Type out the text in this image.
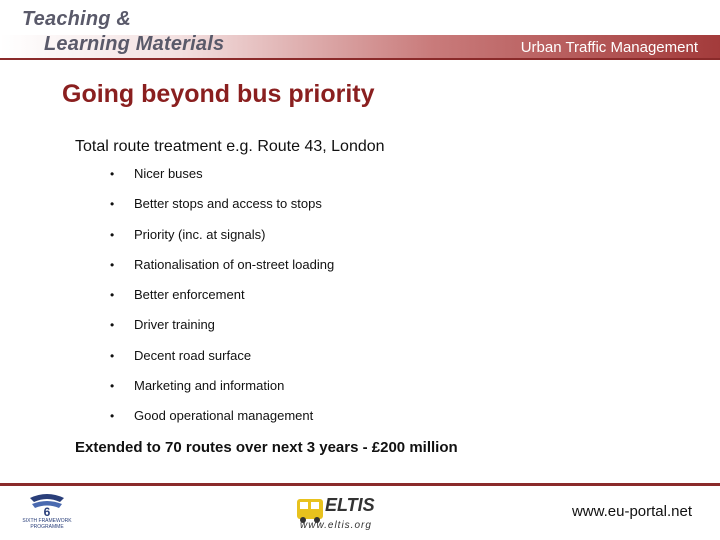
Teaching &
Learning Materials	Urban Traffic Management
Going beyond bus priority
Total route treatment e.g. Route 43, London
•	Nicer buses
•	Better stops and access to stops
•	Priority (inc. at signals)
•	Rationalisation of on-street loading
•	Better enforcement
•	Driver training
•	Decent road surface
•	Marketing and information
•	Good operational management
Extended to 70 routes over next 3 years - £200 million
6
SIXTH FRAMEWORK PROGRAMME
ELTIS
www.eltis.org
www.eu-portal.net
